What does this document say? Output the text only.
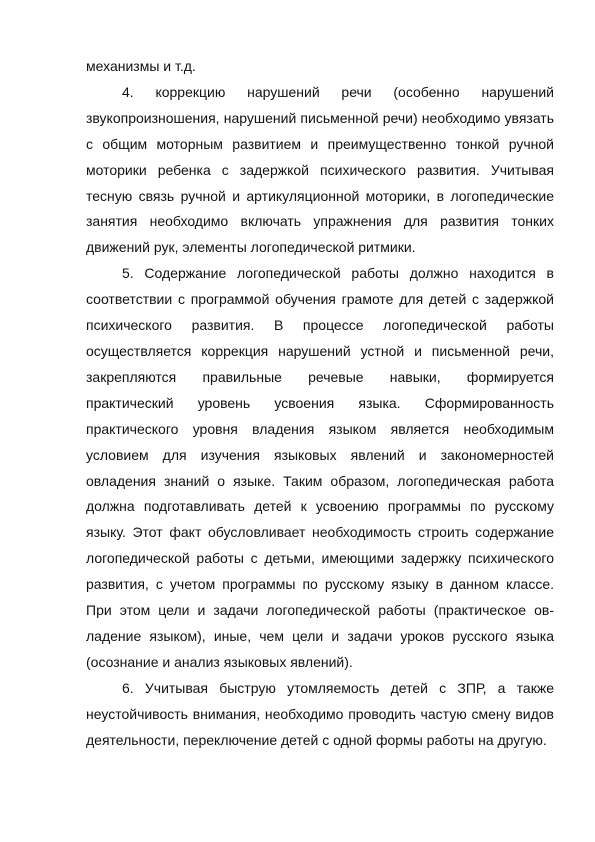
механизмы и т.д.

4. коррекцию нарушений речи (особенно нарушений звукопроизношения, нарушений письменной речи) необходимо увязать с общим моторным развитием и преимущественно тонкой ручной моторики ребенка с задержкой психического развития. Учитывая тесную связь ручной и артикуляционной моторики, в логопедические занятия необходимо включать упражнения для развития тонких движений рук, элементы логопедической ритмики.

5. Содержание логопедической работы должно находится в соответствии с программой обучения грамоте для детей с задержкой психического развития. В процессе логопедической работы осуществляется коррекция нарушений устной и письменной речи, закрепляются правильные речевые навыки, формируется практический уровень усвоения языка. Сформированность практического уровня владения языком является необходимым условием для изучения языковых явлений и закономерностей овладения знаний о языке. Таким образом, логопедическая работа должна подготавливать детей к усвоению программы по русскому языку. Этот факт обусловливает необходимость строить содержание логопедической работы с детьми, имеющими задержку психического развития, с учетом программы по русскому языку в данном классе. При этом цели и задачи логопедической работы (практическое ов-ладение языком), иные, чем цели и задачи уроков русского языка (осознание и анализ языковых явлений).

6. Учитывая быструю утомляемость детей с ЗПР, а также неустойчивость внимания, необходимо проводить частую смену видов деятельности, переключение детей с одной формы работы на другую.
